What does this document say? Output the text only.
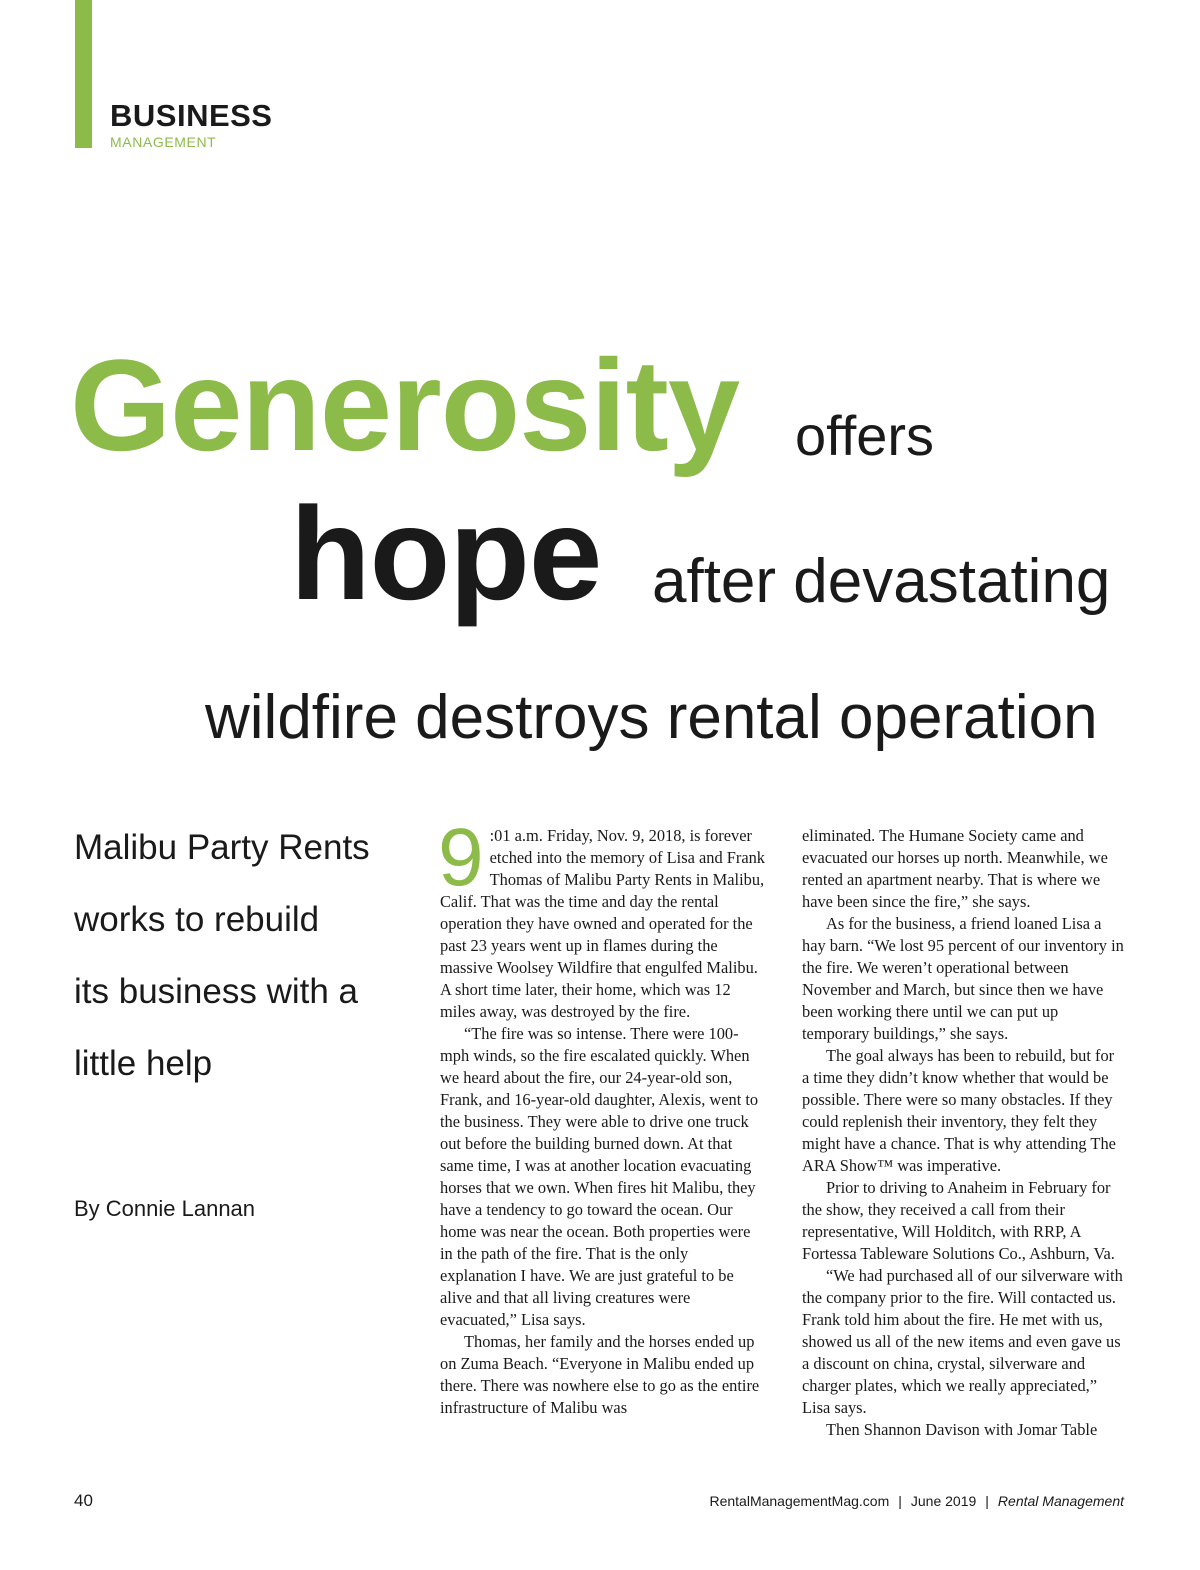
BUSINESS
MANAGEMENT
Generosity offers
hope after devastating
wildfire destroys rental operation
Malibu Party Rents
works to rebuild
its business with a
little help
By Connie Lannan

9 :01 a.m. Friday, Nov. 9, 2018, is forever etched into the memory of Lisa and Frank Thomas of Malibu Party Rents in Malibu, Calif. That was the time and day the rental operation they have owned and operated for the past 23 years went up in flames during the massive Woolsey Wildfire that engulfed Malibu. A short time later, their home, which was 12 miles away, was destroyed by the fire.

“The fire was so intense. There were 100-mph winds, so the fire escalated quickly. When we heard about the fire, our 24-year-old son, Frank, and 16-year-old daughter, Alexis, went to the business. They were able to drive one truck out before the building burned down. At that same time, I was at another location evacuating horses that we own. When fires hit Malibu, they have a tendency to go toward the ocean. Our home was near the ocean. Both properties were in the path of the fire. That is the only explanation I have. We are just grateful to be alive and that all living creatures were evacuated,” Lisa says.

Thomas, her family and the horses ended up on Zuma Beach. “Everyone in Malibu ended up there. There was nowhere else to go as the entire infrastructure of Malibu was

eliminated. The Humane Society came and evacuated our horses up north. Meanwhile, we rented an apartment nearby. That is where we have been since the fire,” she says.

As for the business, a friend loaned Lisa a hay barn. “We lost 95 percent of our inventory in the fire. We weren’t operational between November and March, but since then we have been working there until we can put up temporary buildings,” she says.

The goal always has been to rebuild, but for a time they didn’t know whether that would be possible. There were so many obstacles. If they could replenish their inventory, they felt they might have a chance. That is why attending The ARA Show™ was imperative.

Prior to driving to Anaheim in February for the show, they received a call from their representative, Will Holditch, with RRP, A Fortessa Tableware Solutions Co., Ashburn, Va.

“We had purchased all of our silverware with the company prior to the fire. Will contacted us. Frank told him about the fire. He met with us, showed us all of the new items and even gave us a discount on china, crystal, silverware and charger plates, which we really appreciated,” Lisa says.

Then Shannon Davison with Jomar Table

40	RentalManagementMag.com | June 2019 | Rental Management
